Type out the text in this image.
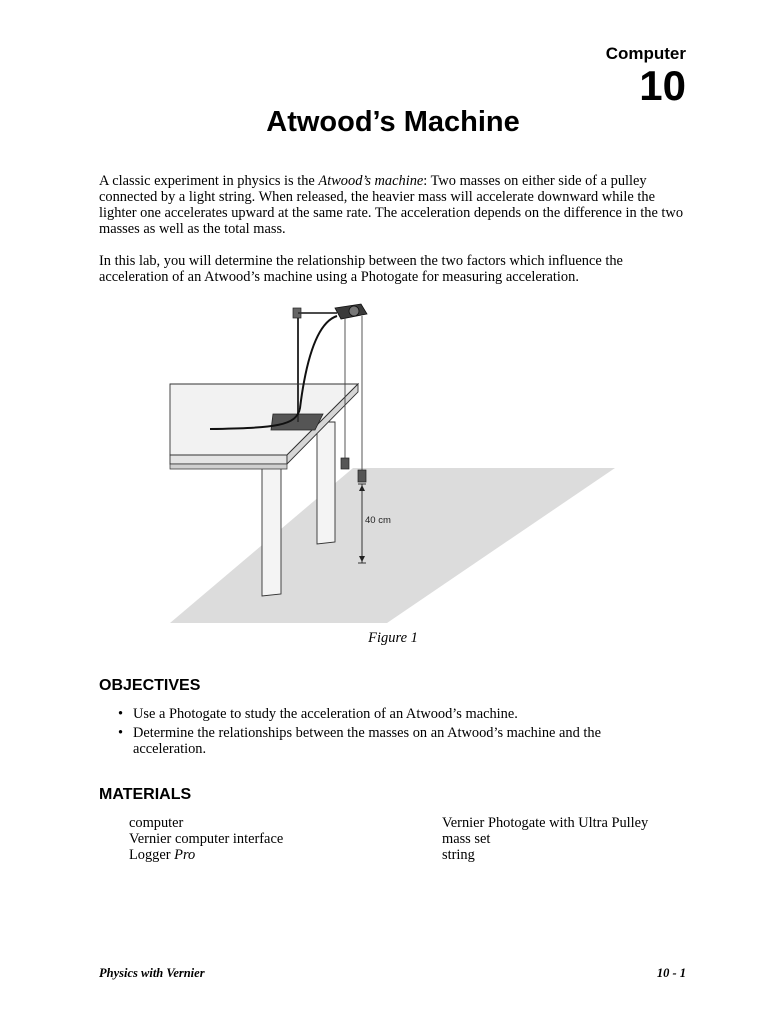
Computer
10
Atwood’s Machine

A classic experiment in physics is the Atwood’s machine: Two masses on either side of a pulley connected by a light string. When released, the heavier mass will accelerate downward while the lighter one accelerates upward at the same rate. The acceleration depends on the difference in the two masses as well as the total mass.

In this lab, you will determine the relationship between the two factors which influence the acceleration of an Atwood’s machine using a Photogate for measuring acceleration.

40 cm
Figure 1
OBJECTIVES
• Use a Photogate to study the acceleration of an Atwood’s machine.
• Determine the relationships between the masses on an Atwood’s machine and the acceleration.
MATERIALS
computer
Vernier computer interface
Logger Pro
Vernier Photogate with Ultra Pulley
mass set
string
Physics with Vernier	10 - 1
